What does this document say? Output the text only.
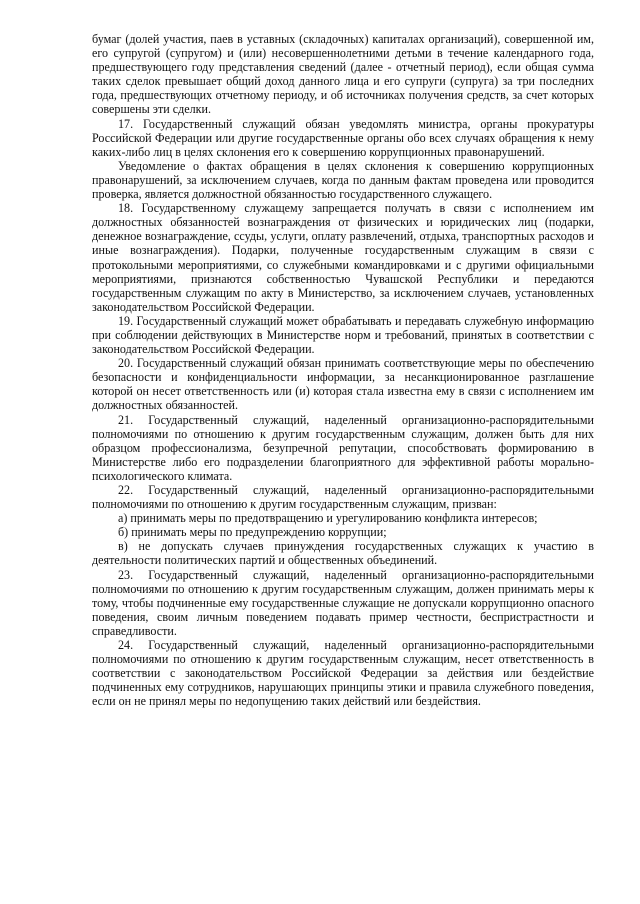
бумаг (долей участия, паев в уставных (складочных) капиталах организаций), совершенной им, его супругой (супругом) и (или) несовершеннолетними детьми в течение календарного года, предшествующего году представления сведений (далее - отчетный период), если общая сумма таких сделок превышает общий доход данного лица и его супруги (супруга) за три последних года, предшествующих отчетному периоду, и об источниках получения средств, за счет которых совершены эти сделки.

17. Государственный служащий обязан уведомлять министра, органы прокуратуры Российской Федерации или другие государственные органы обо всех случаях обращения к нему каких-либо лиц в целях склонения его к совершению коррупционных правонарушений.

Уведомление о фактах обращения в целях склонения к совершению коррупционных правонарушений, за исключением случаев, когда по данным фактам проведена или проводится проверка, является должностной обязанностью государственного служащего.

18. Государственному служащему запрещается получать в связи с исполнением им должностных обязанностей вознаграждения от физических и юридических лиц (подарки, денежное вознаграждение, ссуды, услуги, оплату развлечений, отдыха, транспортных расходов и иные вознаграждения). Подарки, полученные государственным служащим в связи с протокольными мероприятиями, со служебными командировками и с другими официальными мероприятиями, признаются собственностью Чувашской Республики и передаются государственным служащим по акту в Министерство, за исключением случаев, установленных законодательством Российской Федерации.

19. Государственный служащий может обрабатывать и передавать служебную информацию при соблюдении действующих в Министерстве норм и требований, принятых в соответствии с законодательством Российской Федерации.

20. Государственный служащий обязан принимать соответствующие меры по обеспечению безопасности и конфиденциальности информации, за несанкционированное разглашение которой он несет ответственность или (и) которая стала известна ему в связи с исполнением им должностных обязанностей.

21. Государственный служащий, наделенный организационно-распорядительными полномочиями по отношению к другим государственным служащим, должен быть для них образцом профессионализма, безупречной репутации, способствовать формированию в Министерстве либо его подразделении благоприятного для эффективной работы морально-психологического климата.

22. Государственный служащий, наделенный организационно-распорядительными полномочиями по отношению к другим государственным служащим, призван:

а) принимать меры по предотвращению и урегулированию конфликта интересов;

б) принимать меры по предупреждению коррупции;

в) не допускать случаев принуждения государственных служащих к участию в деятельности политических партий и общественных объединений.

23. Государственный служащий, наделенный организационно-распорядительными полномочиями по отношению к другим государственным служащим, должен принимать меры к тому, чтобы подчиненные ему государственные служащие не допускали коррупционно опасного поведения, своим личным поведением подавать пример честности, беспристрастности и справедливости.

24. Государственный служащий, наделенный организационно-распорядительными полномочиями по отношению к другим государственным служащим, несет ответственность в соответствии с законодательством Российской Федерации за действия или бездействие подчиненных ему сотрудников, нарушающих принципы этики и правила служебного поведения, если он не принял меры по недопущению таких действий или бездействия.
